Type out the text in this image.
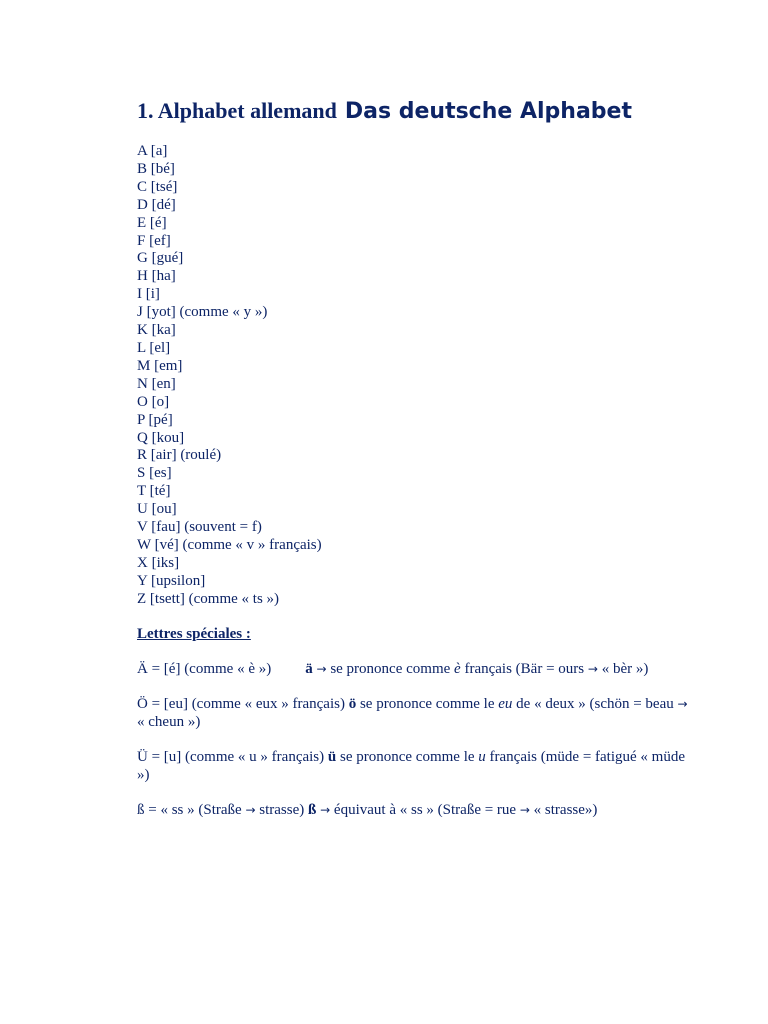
1. Alphabet allemand Das deutsche Alphabet
A [a]
B [bé]
C [tsé]
D [dé]
E [é]
F [ef]
G [gué]
H [ha]
I [i]
J [yot] (comme « y »)
K [ka]
L [el]
M [em]
N [en]
O [o]
P [pé]
Q [kou]
R [air] (roulé)
S [es]
T [té]
U [ou]
V [fau] (souvent = f)
W [vé] (comme « v » français)
X [iks]
Y [upsilon]
Z [tsett] (comme « ts »)
Lettres spéciales :

Ä = [é] (comme « è ») ä → se prononce comme è français (Bär = ours → « bèr »)

Ö = [eu] (comme « eux » français) ö se prononce comme le eu de « deux » (schön = beau → « cheun »)

Ü = [u] (comme « u » français) ü se prononce comme le u français (müde = fatigué « müde »)

ß = « ss » (Straße → strasse) ß → équivaut à « ss » (Straße = rue → « strasse»)
